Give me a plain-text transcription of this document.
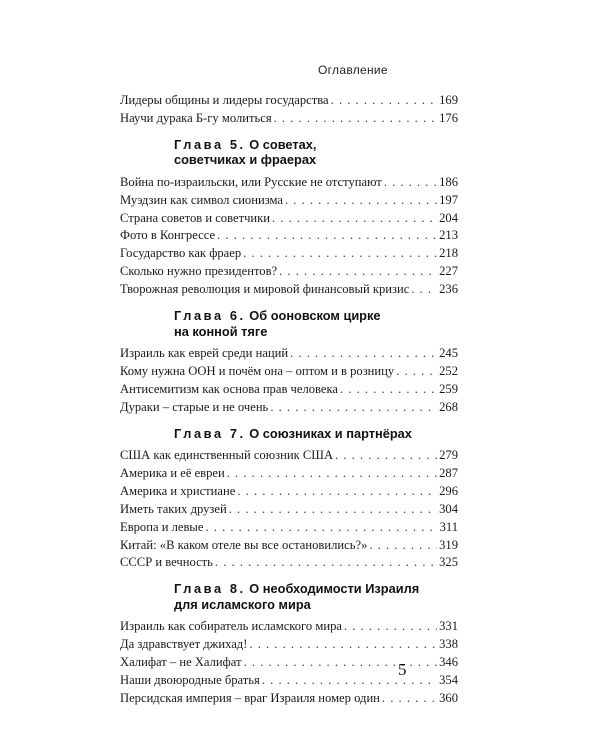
Оглавление
Лидеры общины и лидеры государства . . .	169
Научи дурака Б-гу молиться . . .	176
Глава 5. О советах,
советчиках и фраерах
Война по-израильски, или Русские не отступают . . .	186
Муэдзин как символ сионизма . . .	197
Страна советов и советчики . . .	204
Фото в Конгрессе . . .	213
Государство как фраер . . .	218
Сколько нужно президентов? . . .	227
Творожная революция и мировой финансовый кризис . . . 236
Глава 6. Об ооновском цирке
на конной тяге
Израиль как еврей среди наций . . .	245
Кому нужна ООН и почём она – оптом и в розницу . . .	252
Антисемитизм как основа прав человека . . .	259
Дураки – старые и не очень . . .	268
Глава 7. О союзниках и партнёрах
США как единственный союзник США . . .	279
Америка и её евреи . . .	287
Америка и христиане . . .	296
Иметь таких друзей . . .	304
Европа и левые . . .	311
Китай: «В каком отеле вы все остановились?» . . .	319
СССР и вечность . . .	325
Глава 8. О необходимости Израиля
для исламского мира
Израиль как собиратель исламского мира . . .	331
Да здравствует джихад! . . .	338
Халифат – не Халифат . . .	346
Наши двоюродные братья . . .	354
Персидская империя – враг Израиля номер один . . .	360
5
